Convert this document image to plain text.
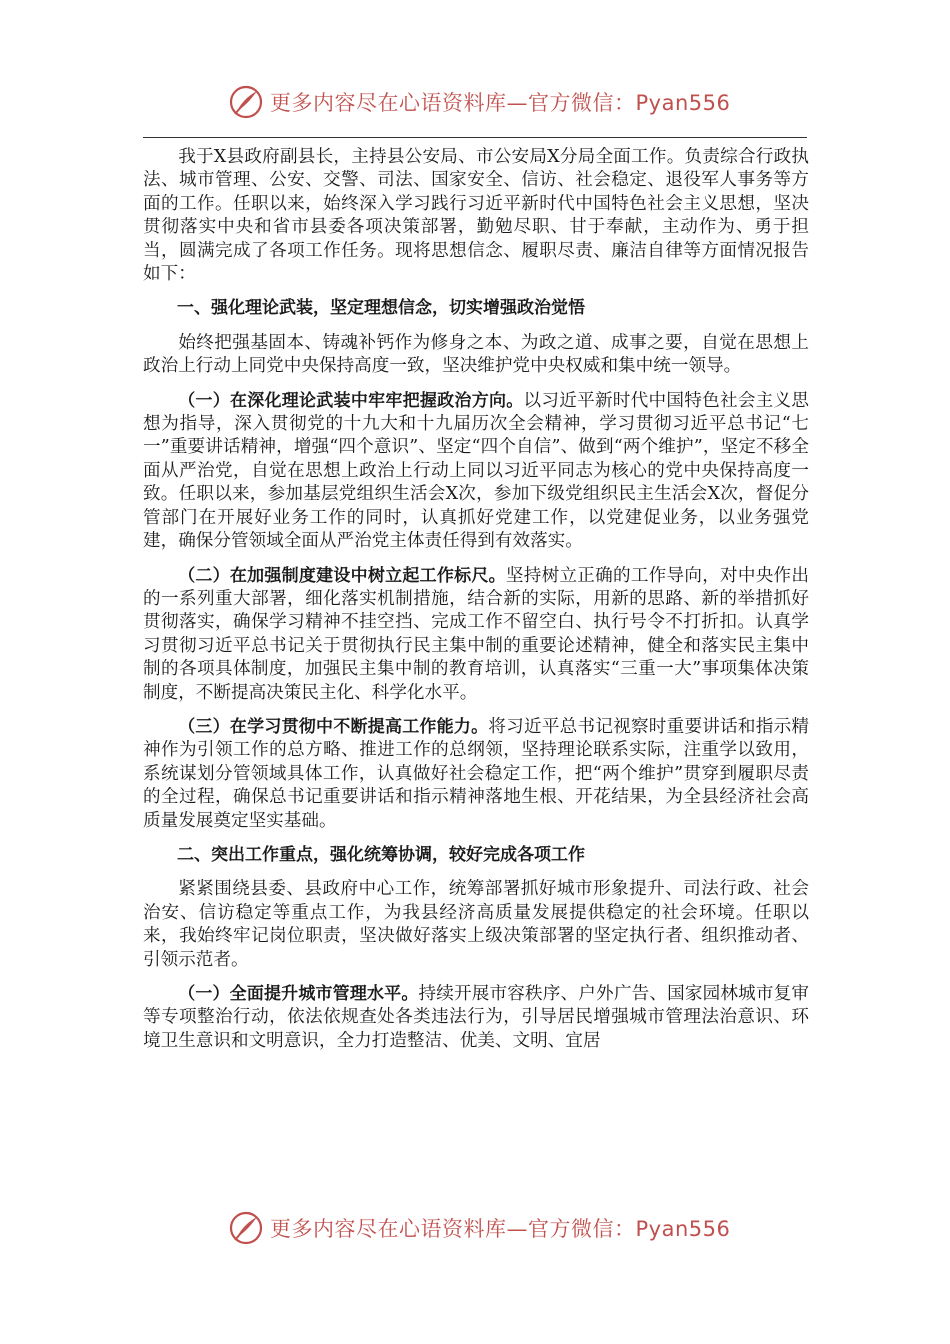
更多内容尽在心语资料库—官方微信：Pyan556

我于X县政府副县长，主持县公安局、市公安局X分局全面工作。负责综合行政执法、城市管理、公安、交警、司法、国家安全、信访、社会稳定、退役军人事务等方面的工作。任职以来，始终深入学习践行习近平新时代中国特色社会主义思想，坚决贯彻落实中央和省市县委各项决策部署，勤勉尽职、甘于奉献，主动作为、勇于担当，圆满完成了各项工作任务。现将思想信念、履职尽责、廉洁自律等方面情况报告如下：

一、强化理论武装，坚定理想信念，切实增强政治觉悟

始终把强基固本、铸魂补钙作为修身之本、为政之道、成事之要，自觉在思想上政治上行动上同党中央保持高度一致，坚决维护党中央权威和集中统一领导。

（一）在深化理论武装中牢牢把握政治方向。以习近平新时代中国特色社会主义思想为指导，深入贯彻党的十九大和十九届历次全会精神，学习贯彻习近平总书记“七一”重要讲话精神，增强“四个意识”、坚定“四个自信”、做到“两个维护”，坚定不移全面从严治党，自觉在思想上政治上行动上同以习近平同志为核心的党中央保持高度一致。任职以来，参加基层党组织生活会X次，参加下级党组织民主生活会X次，督促分管部门在开展好业务工作的同时，认真抓好党建工作，以党建促业务，以业务强党建，确保分管领域全面从严治党主体责任得到有效落实。

（二）在加强制度建设中树立起工作标尺。坚持树立正确的工作导向，对中央作出的一系列重大部署，细化落实机制措施，结合新的实际，用新的思路、新的举措抓好贯彻落实，确保学习精神不挂空挡、完成工作不留空白、执行号令不打折扣。认真学习贯彻习近平总书记关于贯彻执行民主集中制的重要论述精神，健全和落实民主集中制的各项具体制度，加强民主集中制的教育培训，认真落实“三重一大”事项集体决策制度，不断提高决策民主化、科学化水平。

（三）在学习贯彻中不断提高工作能力。将习近平总书记视察时重要讲话和指示精神作为引领工作的总方略、推进工作的总纲领，坚持理论联系实际，注重学以致用，系统谋划分管领域具体工作，认真做好社会稳定工作，把“两个维护”贯穿到履职尽责的全过程，确保总书记重要讲话和指示精神落地生根、开花结果，为全县经济社会高质量发展奠定坚实基础。

二、突出工作重点，强化统筹协调，较好完成各项工作

紧紧围绕县委、县政府中心工作，统筹部署抓好城市形象提升、司法行政、社会治安、信访稳定等重点工作，为我县经济高质量发展提供稳定的社会环境。任职以来，我始终牢记岗位职责，坚决做好落实上级决策部署的坚定执行者、组织推动者、引领示范者。

（一）全面提升城市管理水平。持续开展市容秩序、户外广告、国家园林城市复审等专项整治行动，依法依规查处各类违法行为，引导居民增强城市管理法治意识、环境卫生意识和文明意识，全力打造整洁、优美、文明、宜居

更多内容尽在心语资料库—官方微信：Pyan556
